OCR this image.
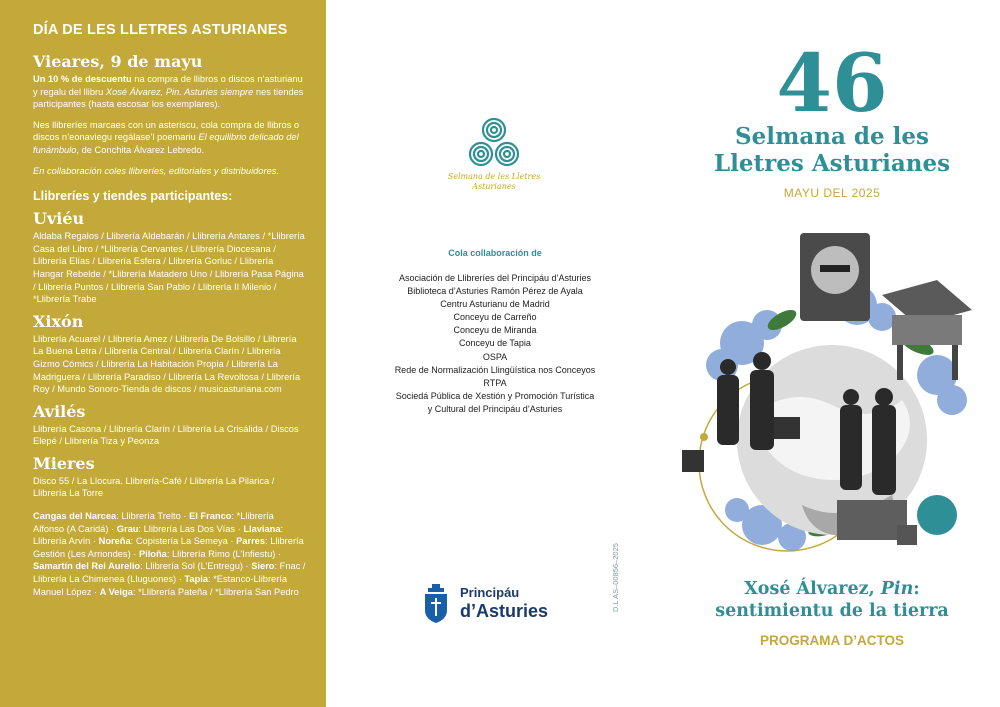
DÍA DE LES LLETRES ASTURIANES
Vieares, 9 de mayu

Un 10 % de descuentu na compra de llibros o discos n’asturianu y regalu del llibru Xosé Álvarez, Pin. Asturies siempre nes tiendes participantes (hasta escosar los exemplares).

Nes llibreríes marcaes con un asteriscu, cola compra de llibros o discos n’eonaviegu regálase’l poemariu El equilibrio delicado del funámbulo, de Conchita Álvarez Lebredo.

En collaboración coles llibreríes, editoriales y distribuidores.

Llibreríes y tiendes participantes:
Uviéu
Aldaba Regalos / Llibrería Aldebarán / Llibrería Antares / *Llibrería Casa del Libro / *Llibrería Cervantes / Llibrería Diocesana / Llibrería Elías / Llibrería Esfera / Llibrería Gorluc / Llibrería Hangar Rebelde / *Llibrería Matadero Uno / Llibrería Pasa Página / Llibrería Puntos / Llibrería San Pablo / Llibrería II Milenio / *Llibrería Trabe
Xixón
Llibrería Acuarel / Llibrería Amez / Llibrería De Bolsillo / Llibrería La Buena Letra / Llibrería Central / Llibrería Clarín / Llibrería Gizmo Cómics / Llibrería La Habitación Propia / Llibrería La Madriguera / Llibrería Paradiso / Llibrería La Revoltosa / Llibrería Roy / Mundo Sonoro-Tienda de discos / musicasturiana.com
Avilés
Llibrería Casona / Llibrería Clarín / Llibrería La Crisálida / Discos Elepé / Llibrería Tiza y Peonza
Mieres
Disco 55 / La Llocura. Llibrería-Café / Llibrería La Pilarica / Llibrería La Torre
Cangas del Narcea: Llibrería Trelto · El Franco: *Llibrería Alfonso (A Caridá) · Grau: Llibrería Las Dos Vías · Llaviana: Llibrería Arvín · Noreña: Copistería La Semeya · Parres: Llibrería Gestión (Les Arriondes) · Piloña: Llibrería Rimo (L’Infiestu) · Samartín del Rei Aurelio: Llibrería Sol (L’Entregu) · Siero: Fnac / Llibrería La Chimenea (Lluguones) · Tapia: *Estanco-Llibrería Manuel López · A Veiga: *Llibrería Pateña / *Llibrería San Pedro
Selmana de les Lletres
Asturianes
Cola collaboración de
Asociación de Llibreríes del Principáu d’Asturies
Biblioteca d’Asturies Ramón Pérez de Ayala
Centru Asturianu de Madrid
Conceyu de Carreño
Conceyu de Miranda
Conceyu de Tapia
OSPA
Rede de Normalización Llingüística nos Conceyos
RTPA
Sociedá Pública de Xestión y Promoción Turística
y Cultural del Principáu d’Asturies
Principáu
d’Asturies	D.L AS–00856–2025
46
Selmana de les
Lletres Asturianes
MAYU DEL 2025
Xosé Álvarez, Pin:
sentimientu de la tierra
PROGRAMA D’ACTOS
